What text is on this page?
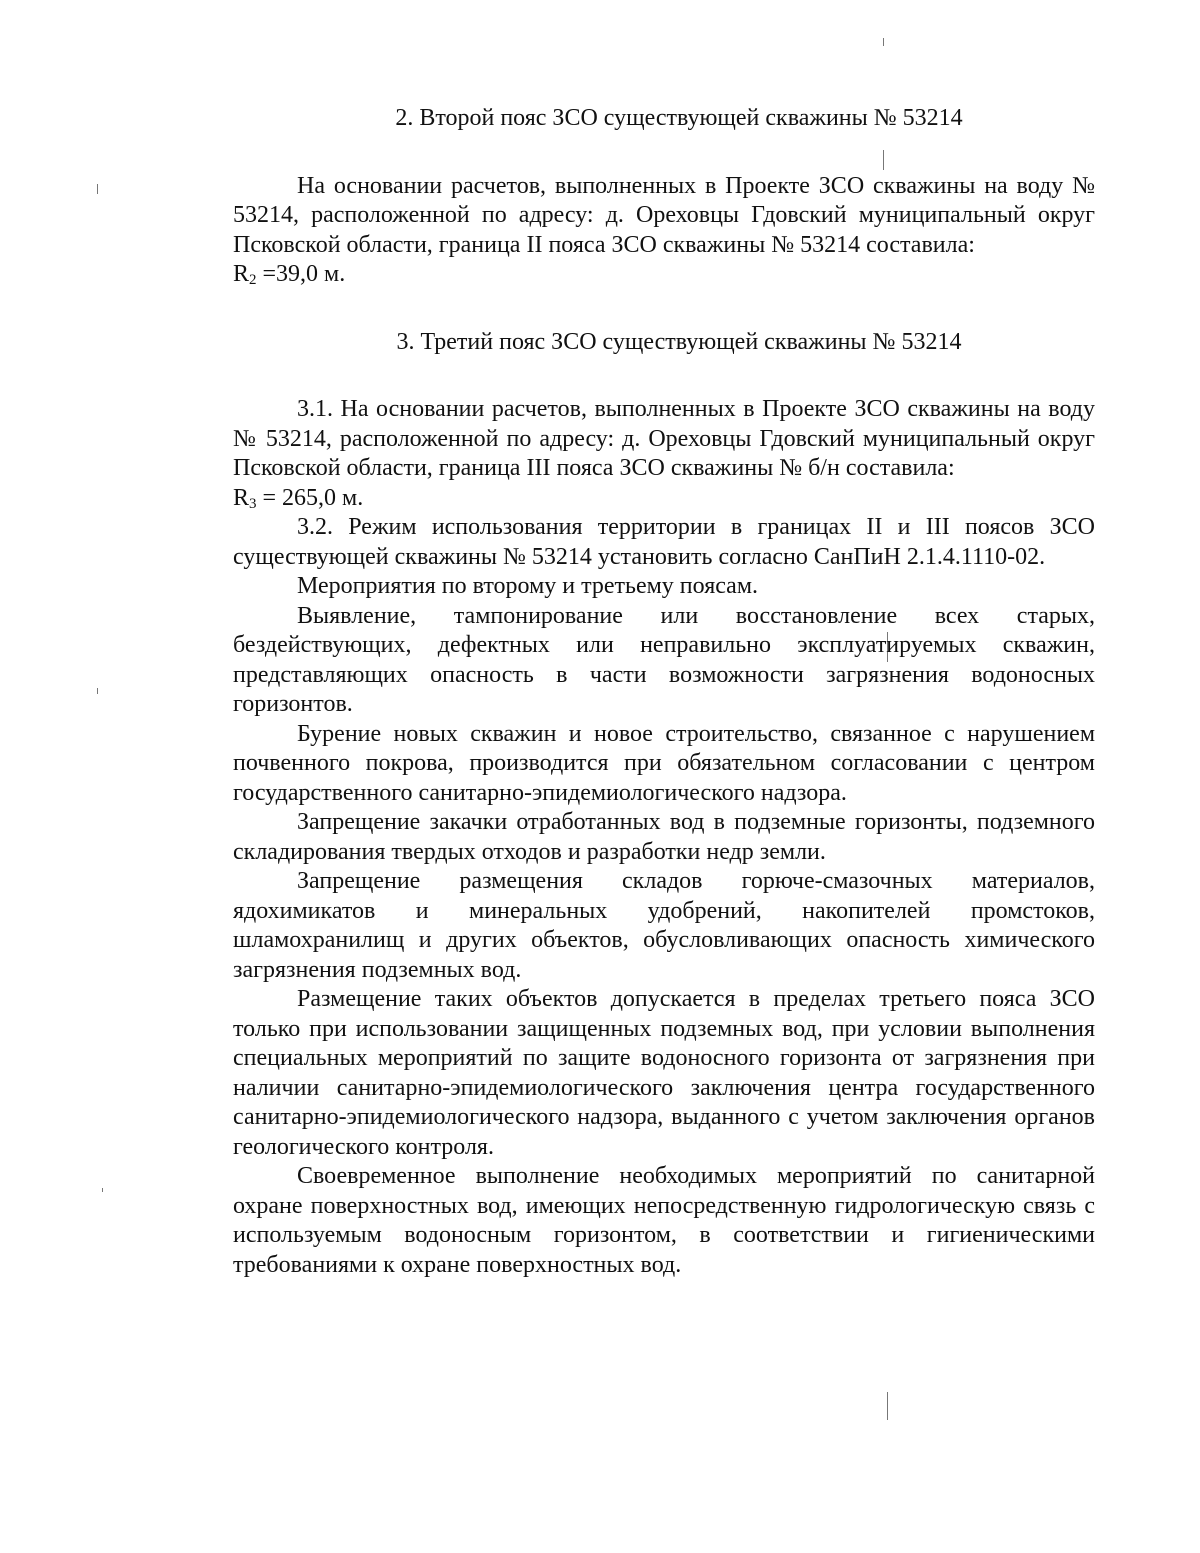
2. Второй пояс ЗСО существующей скважины № 53214

На основании расчетов, выполненных в Проекте ЗСО скважины на воду № 53214, расположенной по адресу: д. Ореховцы Гдовский муниципальный округ Псковской области, граница II пояса ЗСО скважины № 53214 составила:

$R_2 =39,0$ м.

3. Третий пояс ЗСО существующей скважины № 53214

3.1. На основании расчетов, выполненных в Проекте ЗСО скважины на воду № 53214, расположенной по адресу: д. Ореховцы Гдовский муниципальный округ Псковской области, граница III пояса ЗСО скважины № б/н составила:

$R_3 = 265,0$ м.

3.2. Режим использования территории в границах II и III поясов ЗСО существующей скважины № 53214 установить согласно СанПиН 2.1.4.1110-02.

Мероприятия по второму и третьему поясам.

Выявление, тампонирование или восстановление всех старых, бездействующих, дефектных или неправильно эксплуатируемых скважин, представляющих опасность в части возможности загрязнения водоносных горизонтов.

Бурение новых скважин и новое строительство, связанное с нарушением почвенного покрова, производится при обязательном согласовании с центром государственного санитарно-эпидемиологического надзора.

Запрещение закачки отработанных вод в подземные горизонты, подземного складирования твердых отходов и разработки недр земли.

Запрещение размещения складов горюче-смазочных материалов, ядохимикатов и минеральных удобрений, накопителей промстоков, шламохранилищ и других объектов, обусловливающих опасность химического загрязнения подземных вод.

Размещение таких объектов допускается в пределах третьего пояса ЗСО только при использовании защищенных подземных вод, при условии выполнения специальных мероприятий по защите водоносного горизонта от загрязнения при наличии санитарно-эпидемиологического заключения центра государственного санитарно-эпидемиологического надзора, выданного с учетом заключения органов геологического контроля.

Своевременное выполнение необходимых мероприятий по санитарной охране поверхностных вод, имеющих непосредственную гидрологическую связь с используемым водоносным горизонтом, в соответствии и гигиеническими требованиями к охране поверхностных вод.
